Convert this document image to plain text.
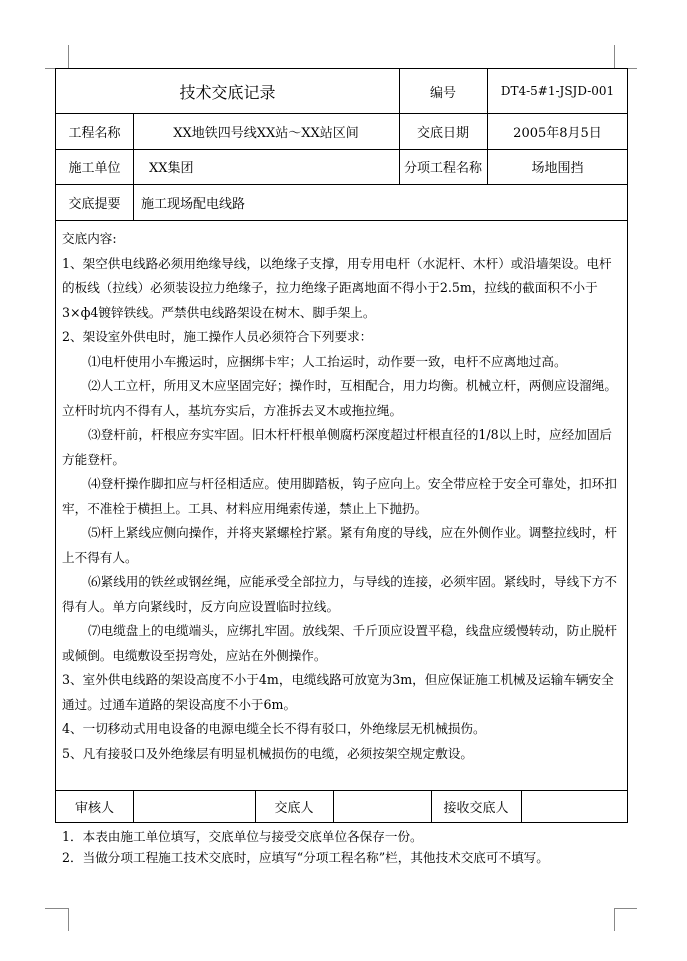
技术交底记录	编号	DT4-5#1-JSJD-001
工程名称	XX地铁四号线XX站～XX站区间	交底日期	2005年8月5日
施工单位	XX集团	分项工程名称	场地围挡
交底提要	施工现场配电线路

交底内容:

1、架空供电线路必须用绝缘导线，以绝缘子支撑，用专用电杆（水泥杆、木杆）或沿墙架设。电杆的板线（拉线）必须装设拉力绝缘子，拉力绝缘子距离地面不得小于2.5m，拉线的截面积不小于3×ф4镀锌铁线。严禁供电线路架设在树木、脚手架上。

2、架设室外供电时，施工操作人员必须符合下列要求：

⑴电杆使用小车搬运时，应捆绑卡牢；人工抬运时，动作要一致，电杆不应离地过高。

⑵人工立杆，所用叉木应坚固完好；操作时，互相配合，用力均衡。机械立杆，两侧应设溜绳。立杆时坑内不得有人，基坑夯实后，方准拆去叉木或拖拉绳。

⑶登杆前，杆根应夯实牢固。旧木杆杆根单侧腐朽深度超过杆根直径的1/8以上时，应经加固后方能登杆。

⑷登杆操作脚扣应与杆径相适应。使用脚踏板，钩子应向上。安全带应栓于安全可靠处，扣环扣牢，不准栓于横担上。工具、材料应用绳索传递，禁止上下抛扔。

⑸杆上紧线应侧向操作，并将夹紧螺栓拧紧。紧有角度的导线，应在外侧作业。调整拉线时，杆上不得有人。

⑹紧线用的铁丝或钢丝绳，应能承受全部拉力，与导线的连接，必须牢固。紧线时，导线下方不得有人。单方向紧线时，反方向应设置临时拉线。

⑺电缆盘上的电缆端头，应绑扎牢固。放线架、千斤顶应设置平稳，线盘应缓慢转动，防止脱杆或倾倒。电缆敷设至拐弯处，应站在外侧操作。

3、室外供电线路的架设高度不小于4m，电缆线路可放宽为3m，但应保证施工机械及运输车辆安全通过。过通车道路的架设高度不小于6m。

4、一切移动式用电设备的电源电缆全长不得有驳口，外绝缘层无机械损伤。

5、凡有接驳口及外绝缘层有明显机械损伤的电缆，必须按架空规定敷设。

审核人	交底人	接收交底人

1．本表由施工单位填写，交底单位与接受交底单位各保存一份。

2．当做分项工程施工技术交底时，应填写“分项工程名称”栏，其他技术交底可不填写。
